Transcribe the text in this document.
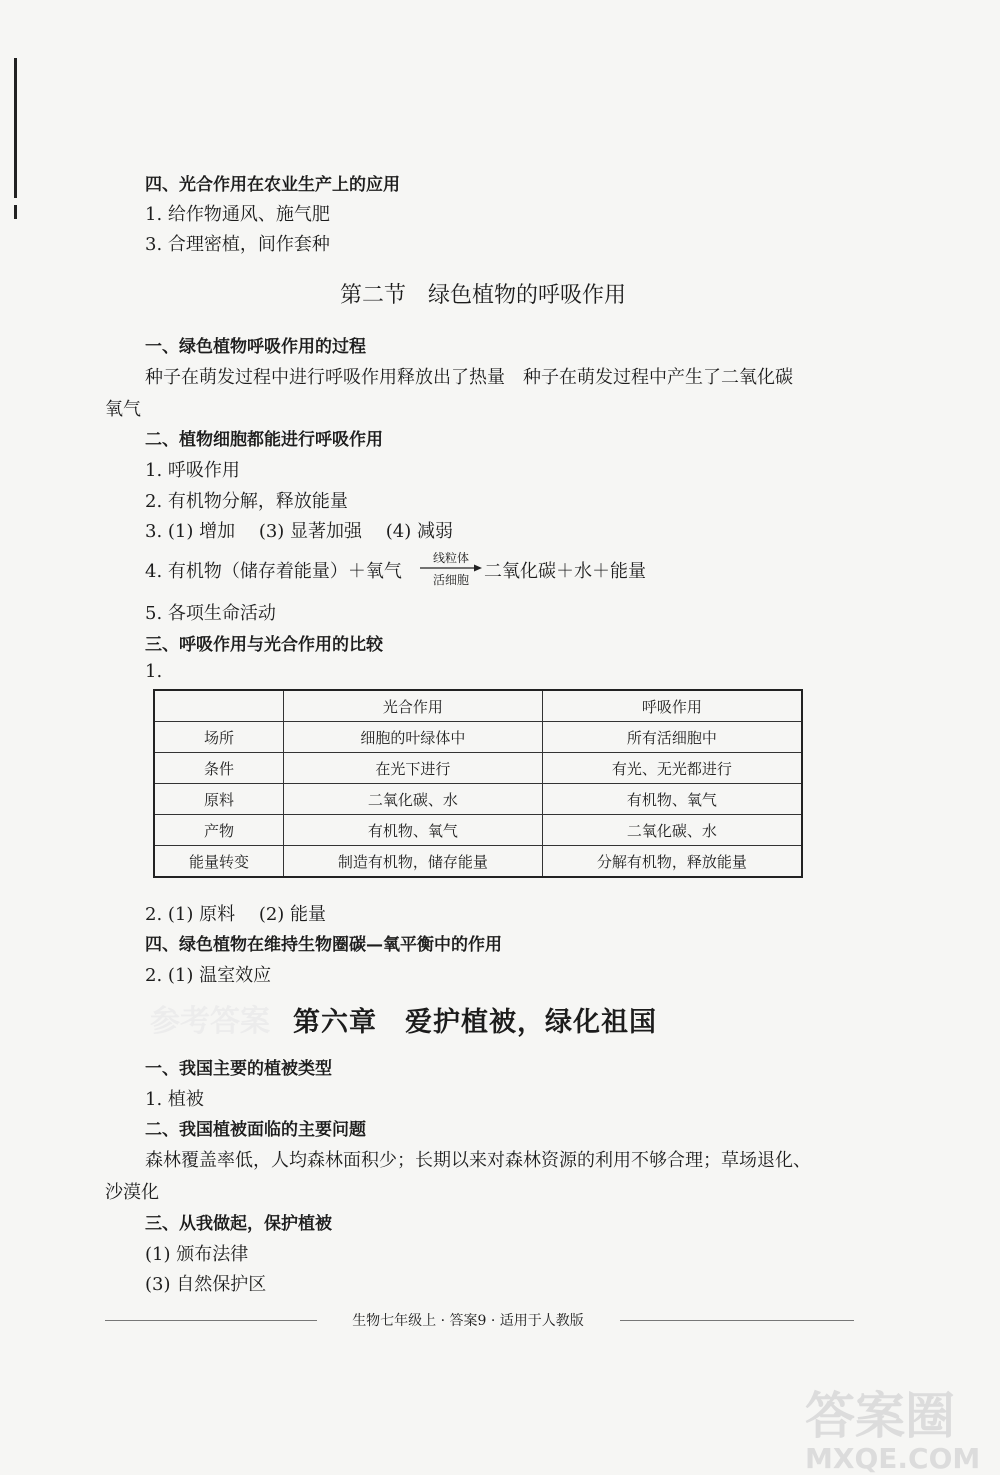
四、光合作用在农业生产上的应用
1. 给作物通风、施气肥
3. 合理密植，间作套种
第二节　绿色植物的呼吸作用
一、绿色植物呼吸作用的过程
种子在萌发过程中进行呼吸作用释放出了热量　种子在萌发过程中产生了二氧化碳
氧气
二、植物细胞都能进行呼吸作用
1. 呼吸作用
2. 有机物分解，释放能量
3. (1) 增加　 (3) 显著加强　 (4) 减弱
4. 有机物（储存着能量）＋氧气
线粒体
活细胞 二氧化碳＋水＋能量
5. 各项生命活动
三、呼吸作用与光合作用的比较
1.
	光合作用	呼吸作用
场所	细胞的叶绿体中	所有活细胞中
条件	在光下进行	有光、无光都进行
原料	二氧化碳、水	有机物、氧气
产物	有机物、氧气	二氧化碳、水
能量转变	制造有机物，储存能量	分解有机物，释放能量
2. (1) 原料　 (2) 能量
四、绿色植物在维持生物圈碳—氧平衡中的作用
2. (1) 温室效应
参考答案 第六章　爱护植被，绿化祖国
一、我国主要的植被类型
1. 植被
二、我国植被面临的主要问题
森林覆盖率低，人均森林面积少；长期以来对森林资源的利用不够合理；草场退化、
沙漠化
三、从我做起，保护植被
(1) 颁布法律
(3) 自然保护区
生物七年级上 · 答案9 · 适用于人教版
答案圈
MXQE.COM
